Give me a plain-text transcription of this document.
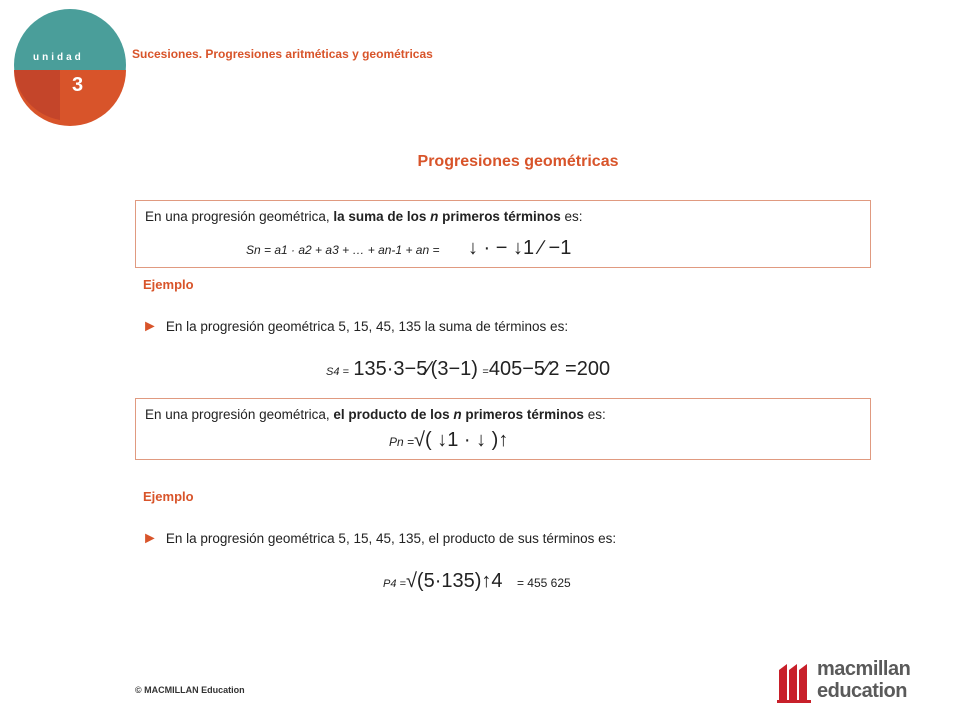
unidad
3
Sucesiones. Progresiones aritméticas y geométricas
Progresiones geométricas
En una progresión geométrica, la suma de los n primeros términos es:
Sn = a1 · a2 + a3 + … + an-1 + an = ↓ · − ↓1 ∕ −1
Ejemplo
► En la progresión geométrica 5, 15, 45, 135 la suma de términos es:
S4 = 135·3−5∕(3−1) =405−5∕2 =200
En una progresión geométrica, el producto de los n primeros términos es:
Pn =√( ↓1 · ↓ )↑
Ejemplo
► En la progresión geométrica 5, 15, 45, 135, el producto de sus términos es:
P4 =√(5·135)↑4 = 455 625
© MACMILLAN Education
macmillan
education
